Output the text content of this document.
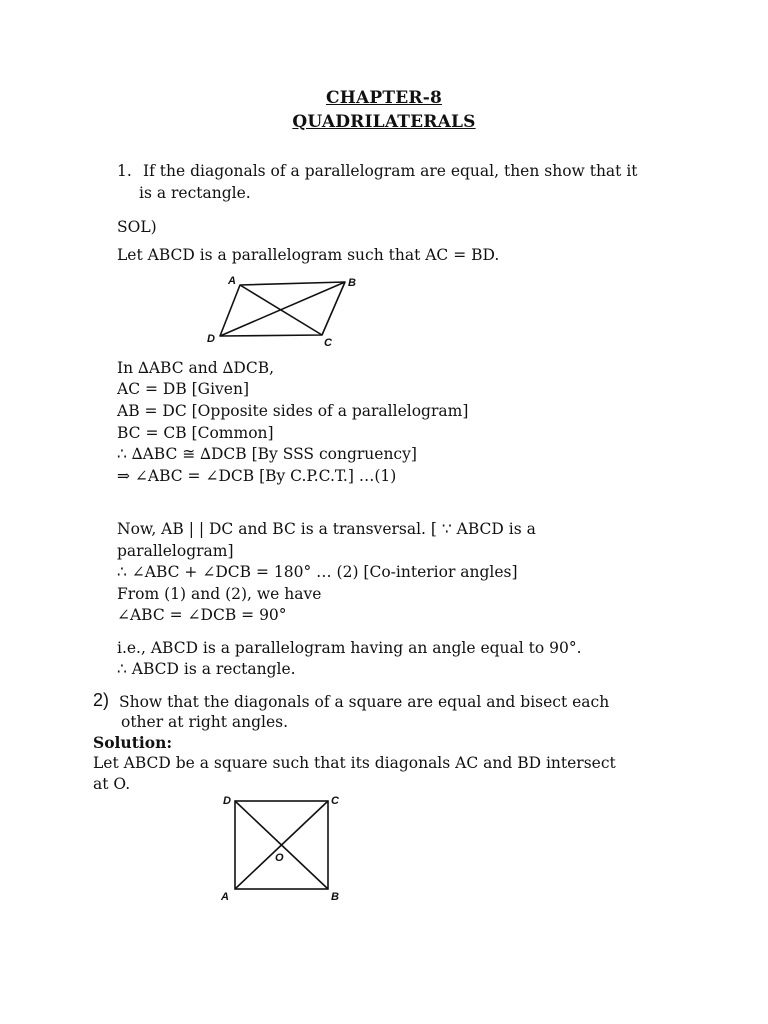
CHAPTER-8
QUADRILATERALS
1. If the diagonals of a parallelogram are equal, then show that it
is a rectangle.
SOL)
Let ABCD is a parallelogram such that AC = BD.
A	B
C
D
In ∆ABC and ∆DCB,
AC = DB [Given]
AB = DC [Opposite sides of a parallelogram]
BC = CB [Common]
∴ ∆ABC ≅ ∆DCB [By SSS congruency]
⇒ ∠ABC = ∠DCB [By C.P.C.T.] …(1)
Now, AB | | DC and BC is a transversal. [ ∵ ABCD is a
parallelogram]
∴ ∠ABC + ∠DCB = 180° … (2) [Co-interior angles]
From (1) and (2), we have
∠ABC = ∠DCB = 90°
i.e., ABCD is a parallelogram having an angle equal to 90°.
∴ ABCD is a rectangle.
2) Show that the diagonals of a square are equal and bisect each
other at right angles.
Solution:
Let ABCD be a square such that its diagonals AC and BD intersect
at O.
D	C
O
A	B
